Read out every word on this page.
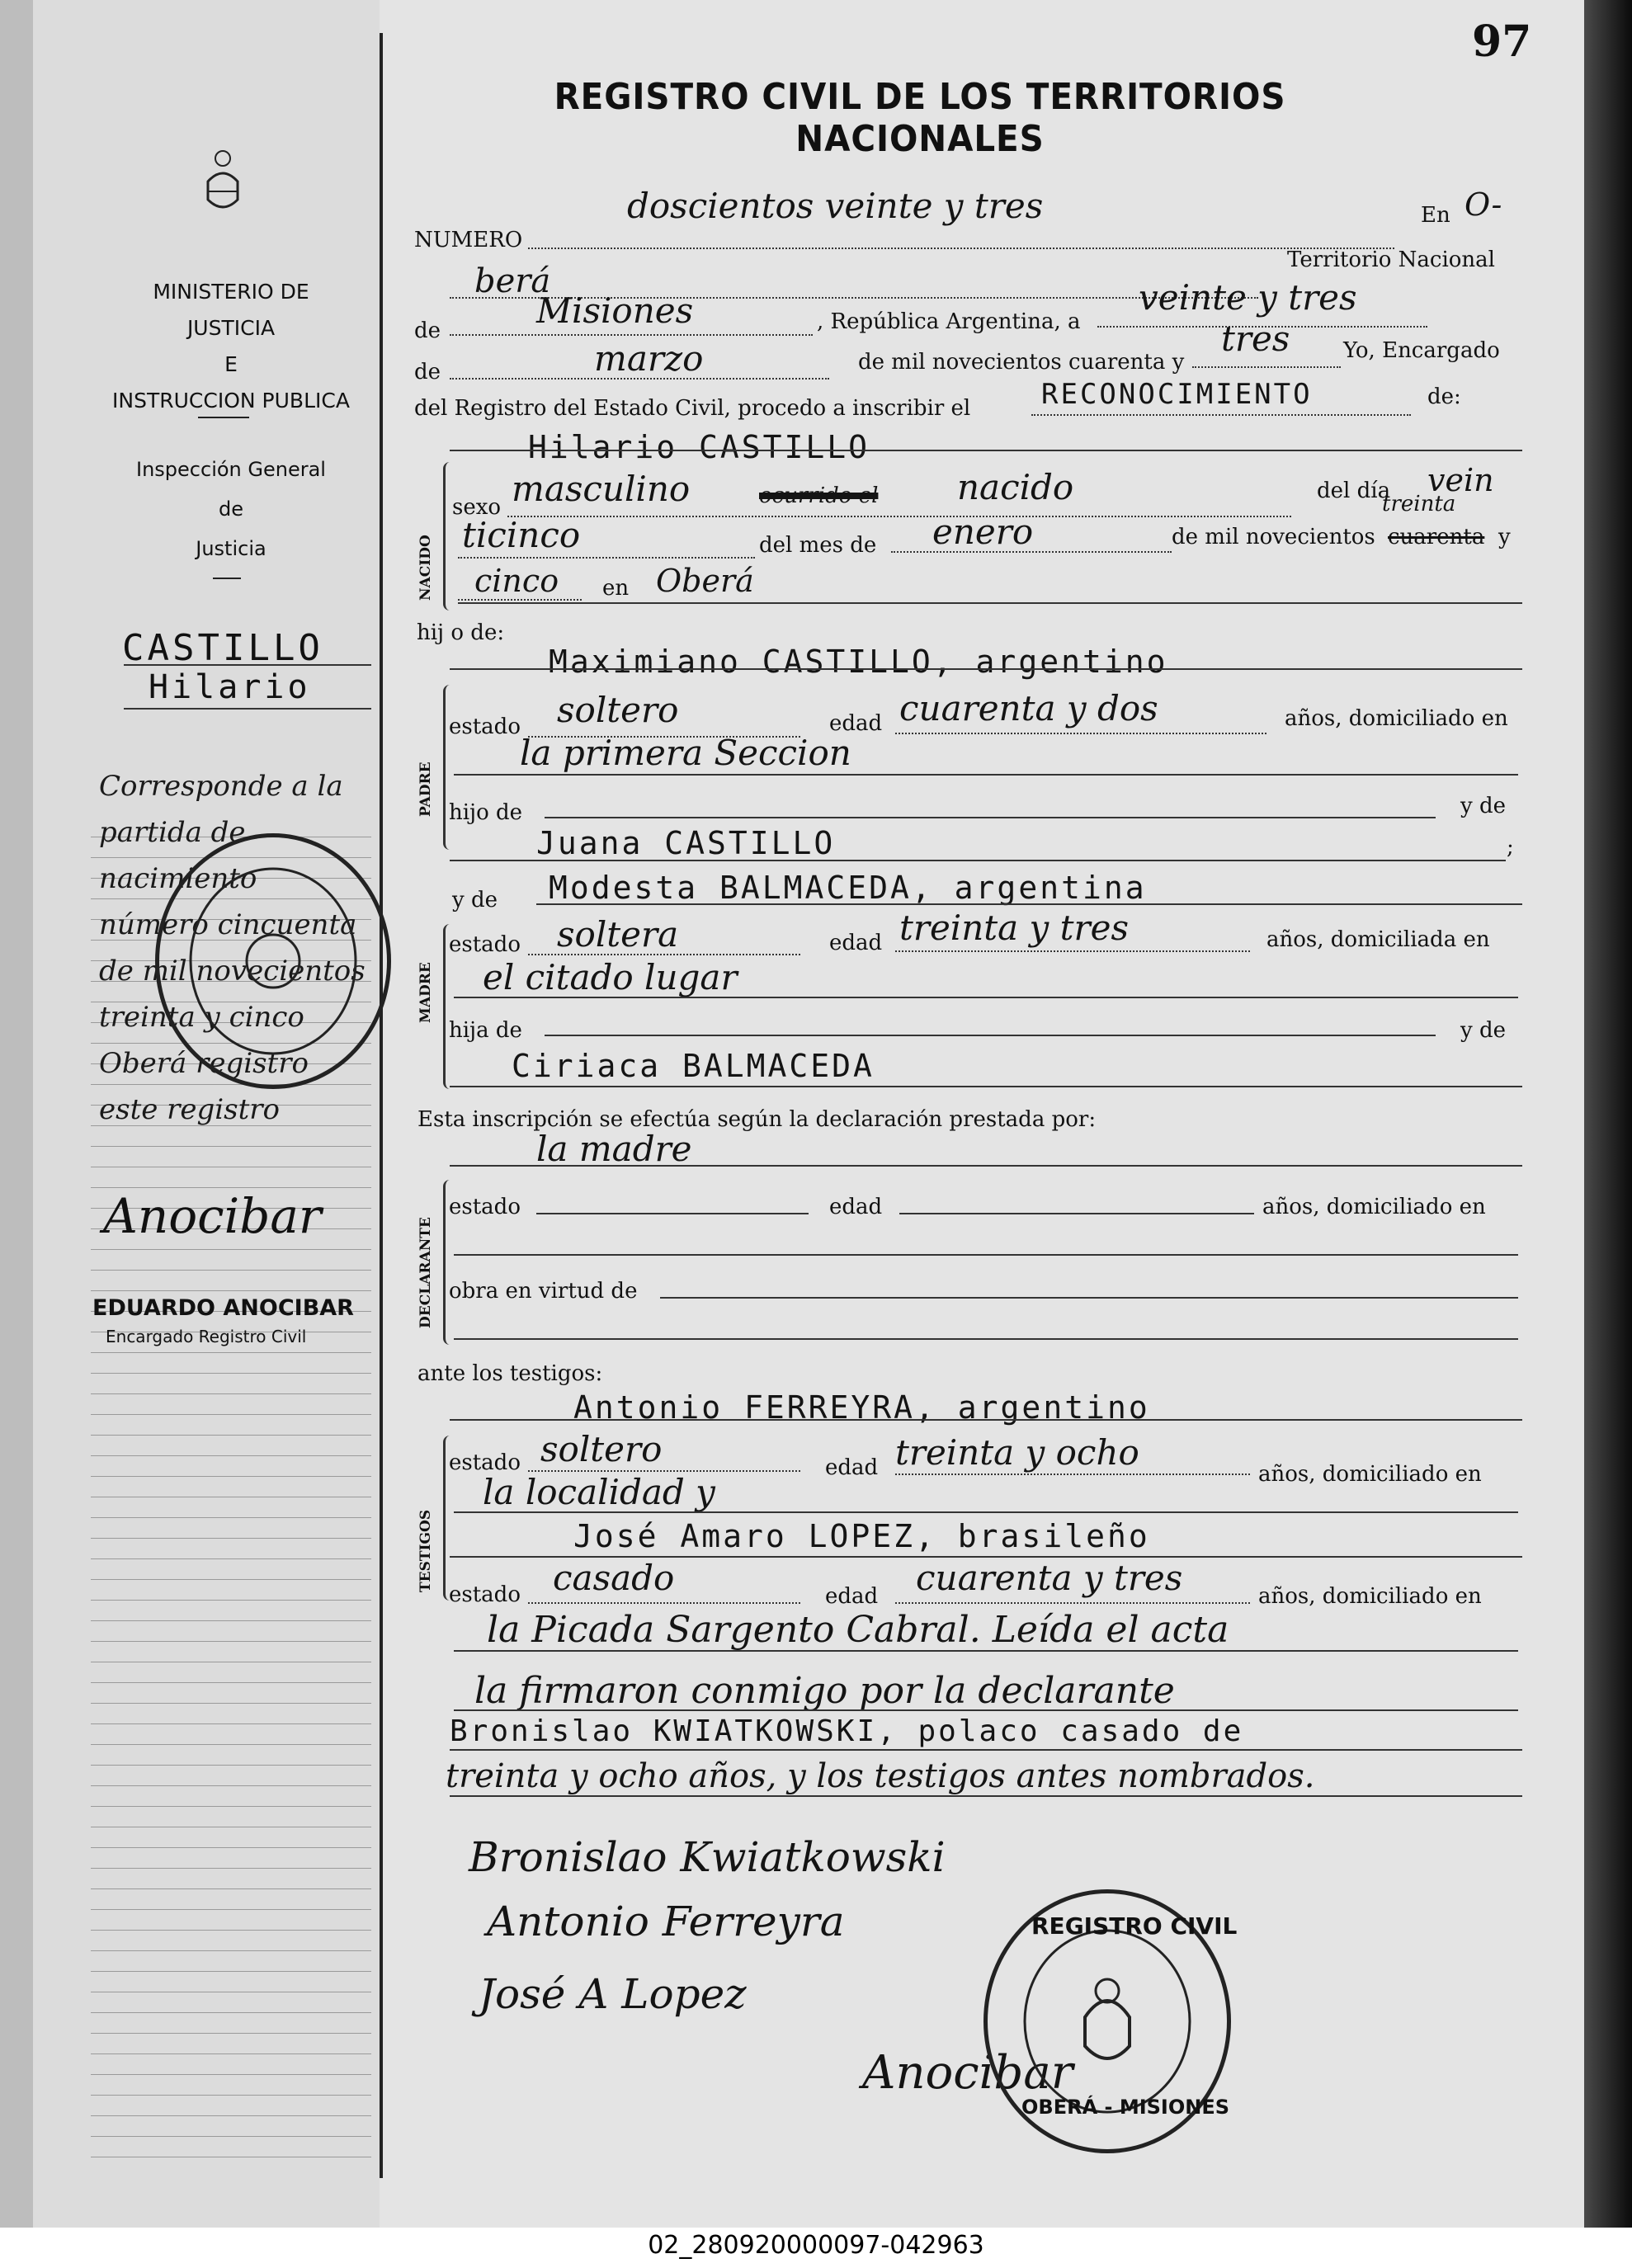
97
REGISTRO CIVIL DE LOS TERRITORIOS NACIONALES
MINISTERIO DE JUSTICIA
E
INSTRUCCION PUBLICA
Inspección General
de
Justicia
CASTILLO
Hilario
Corresponde a la partida de nacimiento número cincuenta de mil novecientos treinta y cinco Oberá registro este registro
Anocibar
EDUARDO ANOCIBAR
Encargado Registro Civil
NUMERO
doscientos veinte y tres	En O-
berá
Territorio Nacional
de	Misiones	, República Argentina, a
veinte y tres
de	marzo	de mil novecientos cuarenta y
tres Yo, Encargado
del Registro del Estado Civil, procedo a inscribir el	RECONOCIMIENTO	de:
Hilario CASTILLO
NACIDO
sexo masculino	ocurrido el nacido	del día vein
ticinco	del mes de enero	de mil novecientos cuarenta
treinta
y
cinco en Oberá
hij o de:
Maximiano CASTILLO, argentino
PADRE
estado soltero	edad cuarenta y dos	años, domiciliado en
la primera Seccion
hijo de	y de
Juana CASTILLO	;
y de Modesta BALMACEDA, argentina
MADRE
estado soltera	edad treinta y tres	años, domiciliada en
el citado lugar
hija de	y de
Ciriaca BALMACEDA
Esta inscripción se efectúa según la declaración prestada por:
la madre
DECLARANTE
estado	edad	años, domiciliado en
obra en virtud de
ante los testigos:
Antonio FERREYRA, argentino
TESTIGOS
estado soltero	edad treinta y ocho
años, domiciliado en
la localidad y
José Amaro LOPEZ, brasileño
estado casado	edad cuarenta y tres	años, domiciliado en
la Picada Sargento Cabral. Leída el acta
la firmaron conmigo por la declarante
Bronislao KWIATKOWSKI, polaco casado de
treinta y ocho años, y los testigos antes nombrados.
Bronislao Kwiatkowski
Antonio Ferreyra
José A Lopez
Anocibar
REGISTRO CIVIL
OBERÁ - MISIONES
02_280920000097-042963
